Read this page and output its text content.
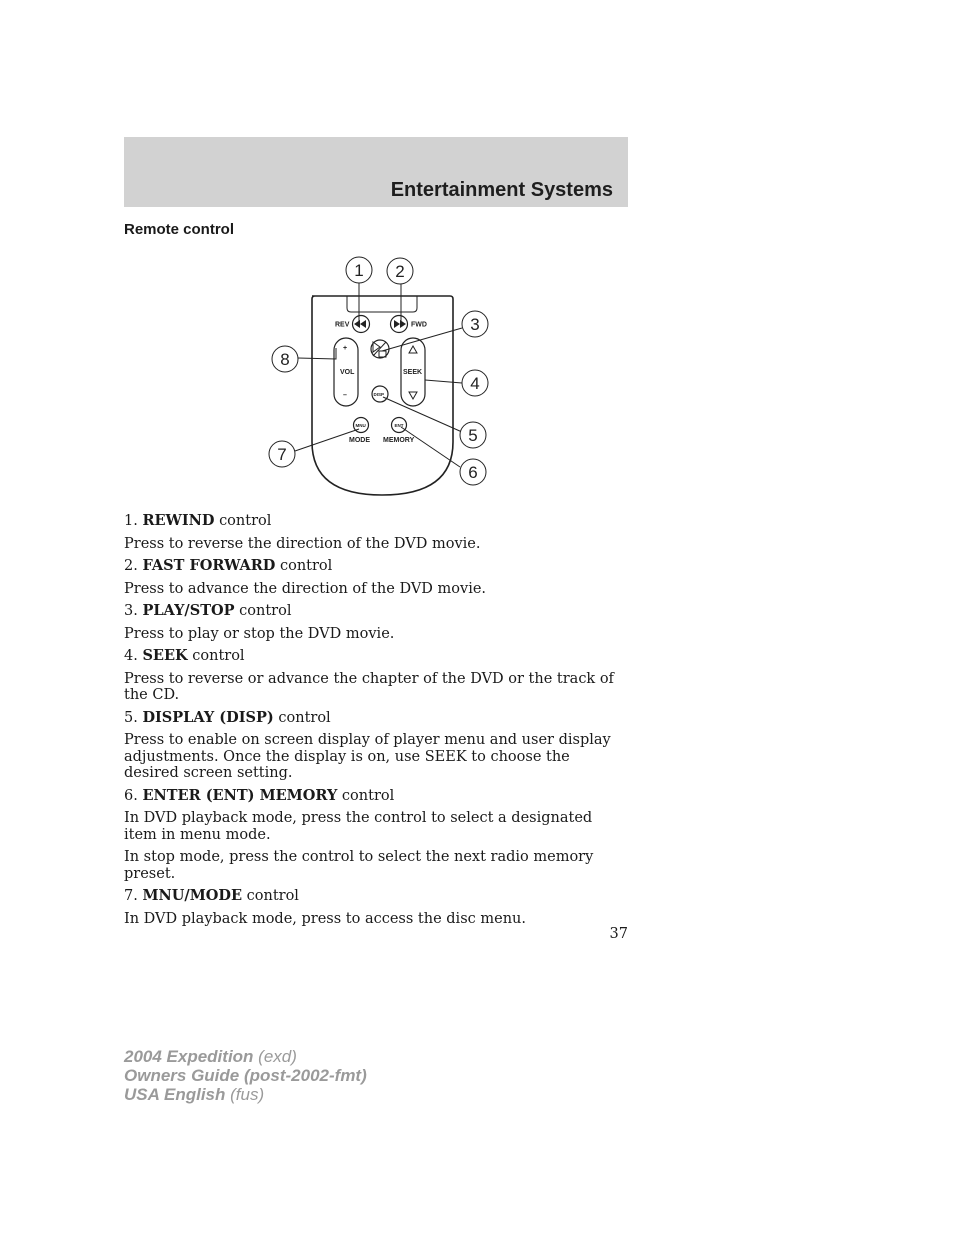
Entertainment Systems
Remote control
REV	FWD
+
VOL
–
SEEK
DISP
MNU
MODE
ENT
MEMORY
1 2
3
4
5
6
7
8

1. REWIND control

Press to reverse the direction of the DVD movie.

2. FAST FORWARD control

Press to advance the direction of the DVD movie.

3. PLAY/STOP control

Press to play or stop the DVD movie.

4. SEEK control

Press to reverse or advance the chapter of the DVD or the track of the CD.

5. DISPLAY (DISP) control

Press to enable on screen display of player menu and user display adjustments. Once the display is on, use SEEK to choose the desired screen setting.

6. ENTER (ENT) MEMORY control

In DVD playback mode, press the control to select a designated item in menu mode.

In stop mode, press the control to select the next radio memory preset.

7. MNU/MODE control

In DVD playback mode, press to access the disc menu.

37
2004 Expedition (exd)
Owners Guide (post-2002-fmt)
USA English (fus)
